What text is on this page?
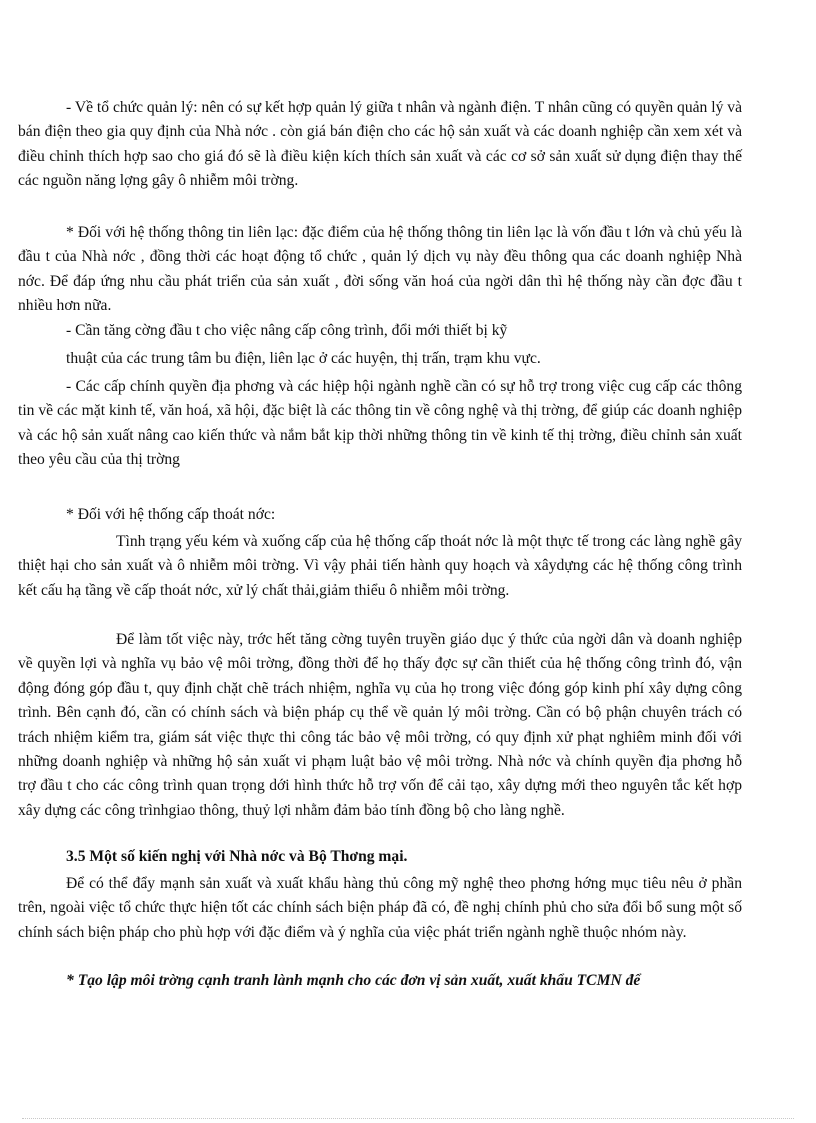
- Về tổ chức quản lý: nên có sự kết hợp quản lý giữa t nhân và ngành điện. T nhân cũng có quyền quản lý và bán điện theo gia quy định của Nhà nớc . còn giá bán điện cho các hộ sản xuất và các doanh nghiệp cần xem xét và điều chỉnh thích hợp sao cho giá đó sẽ là điều kiện kích thích sản xuất và các cơ sở sản xuất sử dụng điện thay thế các nguồn năng lợng gây ô nhiễm môi trờng.

* Đối với hệ thống thông tin liên lạc: đặc điểm của hệ thống thông tin liên lạc là vốn đầu t lớn và chủ yếu là đầu t của Nhà nớc , đồng thời các hoạt động tổ chức , quản lý dịch vụ này đều thông qua các doanh nghiệp Nhà nớc. Để đáp ứng nhu cầu phát triển của sản xuất , đời sống văn hoá của ngời dân thì hệ thống này cần đợc đầu t nhiều hơn nữa.

- Cần tăng cờng đầu t cho việc nâng cấp công trình, đổi mới thiết bị kỹ

thuật của các trung tâm bu điện, liên lạc ở các huyện, thị trấn, trạm khu vực.

- Các cấp chính quyền địa phơng và các hiệp hội ngành nghề cần có sự hỗ trợ trong việc cug cấp các thông tin về các mặt kinh tế, văn hoá, xã hội, đặc biệt là các thông tin về công nghệ và thị trờng, để giúp các doanh nghiệp và các hộ sản xuất nâng cao kiến thức và nắm bắt kịp thời những thông tin về kinh tế thị trờng, điều chỉnh sản xuất theo yêu cầu của thị trờng

* Đối với hệ thống cấp thoát nớc:

Tình trạng yếu kém và xuống cấp của hệ thống cấp thoát nớc là một thực tế trong các làng nghề gây thiệt hại cho sản xuất và ô nhiễm môi trờng. Vì vậy phải tiến hành quy hoạch và xâydựng các hệ thống công trình kết cấu hạ tầng về cấp thoát nớc, xử lý chất thải,giảm thiểu ô nhiễm môi trờng.

Để làm tốt việc này, trớc hết tăng cờng tuyên truyền giáo dục ý thức của ngời dân và doanh nghiệp về quyền lợi và nghĩa vụ bảo vệ môi trờng, đồng thời để họ thấy đợc sự cần thiết của hệ thống công trình đó, vận động đóng góp đầu t, quy định chặt chẽ trách nhiệm, nghĩa vụ của họ trong việc đóng góp kinh phí xây dựng công trình. Bên cạnh đó, cần có chính sách và biện pháp cụ thể về quản lý môi trờng. Cần có bộ phận chuyên trách có trách nhiệm kiểm tra, giám sát việc thực thi công tác bảo vệ môi trờng, có quy định xử phạt nghiêm minh đối với những doanh nghiệp và những hộ sản xuất vi phạm luật bảo vệ môi trờng. Nhà nớc và chính quyền địa phơng hỗ trợ đầu t cho các công trình quan trọng dới hình thức hỗ trợ vốn để cải tạo, xây dựng mới theo nguyên tắc kết hợp xây dựng các công trìnhgiao thông, thuỷ lợi nhằm đảm bảo tính đồng bộ cho làng nghề.

3.5 Một số kiến nghị với Nhà nớc và Bộ Thơng mại.

Để có thể đẩy mạnh sản xuất và xuất khẩu hàng thủ công mỹ nghệ theo phơng hớng mục tiêu nêu ở phần trên, ngoài việc tổ chức thực hiện tốt các chính sách biện pháp đã có, đề nghị chính phủ cho sửa đổi bổ sung một số chính sách biện pháp cho phù hợp với đặc điểm và ý nghĩa của việc phát triển ngành nghề thuộc nhóm này.

* Tạo lập môi trờng cạnh tranh lành mạnh cho các đơn vị sản xuất, xuất khẩu TCMN để
